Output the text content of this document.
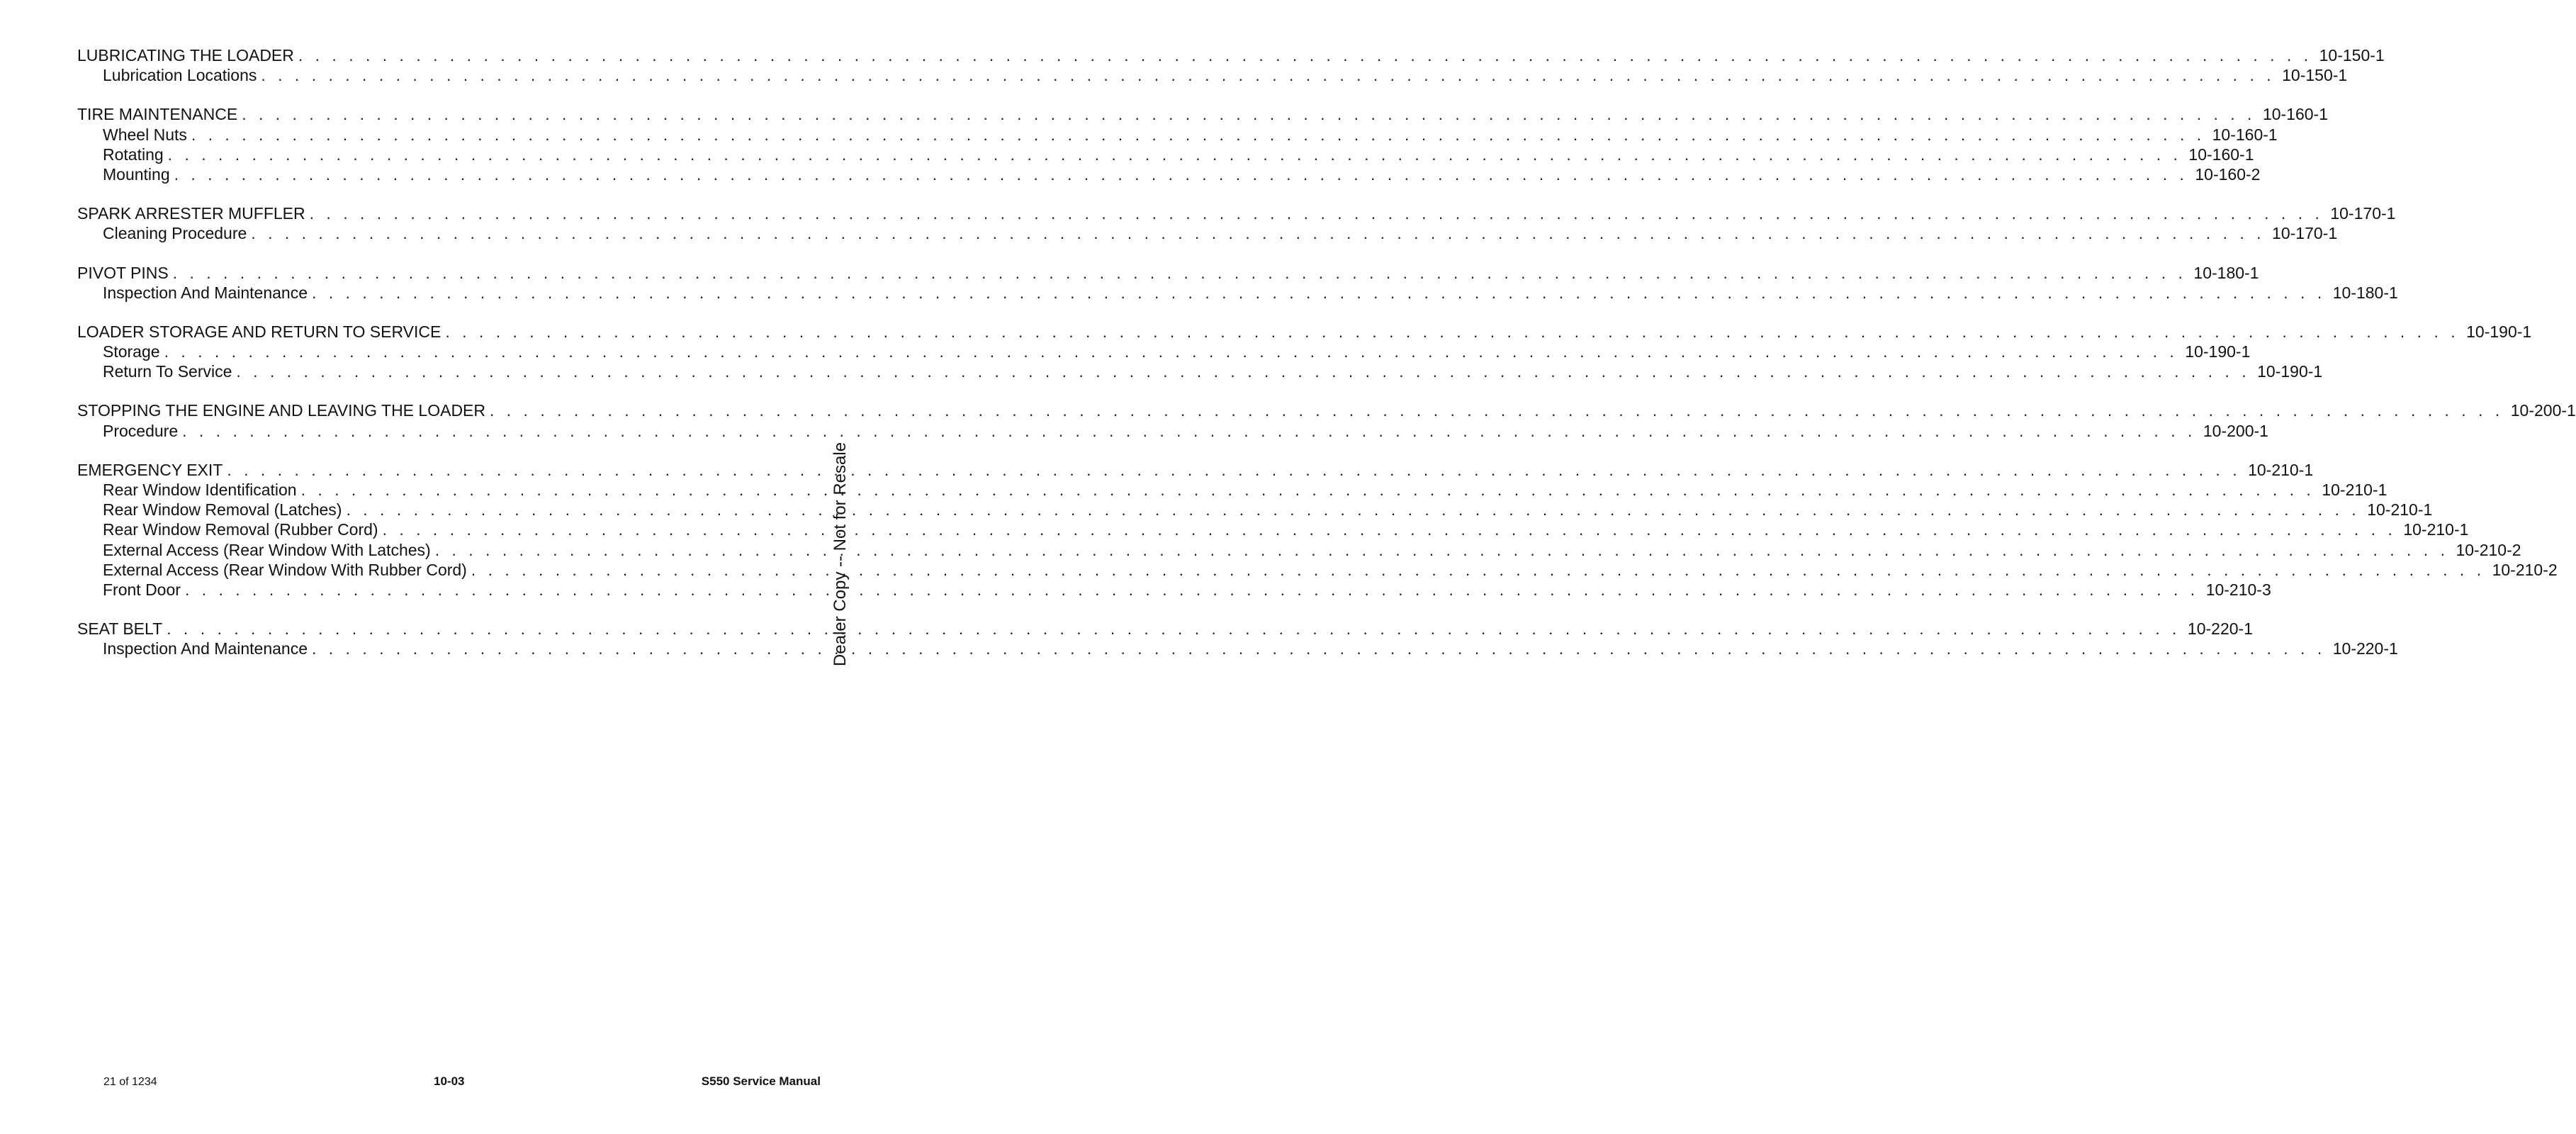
LUBRICATING THE LOADER . . . . . . . . . . . . . . . . . . . . . . . . . . . . . . . . . . . . . . . . . . . . . . . . . . . . . . . . . . . . . . . . . . . . . . . . . . . . . . . . . . . . . . . . . . . . . . . . . . . . . . . . . . . . . . . . . . . . . . . . 10-150-1
Lubrication Locations . . . . . . . . . . . . . . . . . . . . . . . . . . . . . . . . . . . . . . . . . . . . . . . . . . . . . . . . . . . . . . . . . . . . . . . . . . . . . . . . . . . . . . . . . . . . . . . . . . . . . . . . . . . . . . . . . . . . . . . . 10-150-1
TIRE MAINTENANCE . . . . . . . . . . . . . . . . . . . . . . . . . . . . . . . . . . . . . . . . . . . . . . . . . . . . . . . . . . . . . . . . . . . . . . . . . . . . . . . . . . . . . . . . . . . . . . . . . . . . . . . . . . . . . . . . . . . . . . . . 10-160-1
Wheel Nuts . . . . . . . . . . . . . . . . . . . . . . . . . . . . . . . . . . . . . . . . . . . . . . . . . . . . . . . . . . . . . . . . . . . . . . . . . . . . . . . . . . . . . . . . . . . . . . . . . . . . . . . . . . . . . . . . . . . . . . . . 10-160-1
Rotating . . . . . . . . . . . . . . . . . . . . . . . . . . . . . . . . . . . . . . . . . . . . . . . . . . . . . . . . . . . . . . . . . . . . . . . . . . . . . . . . . . . . . . . . . . . . . . . . . . . . . . . . . . . . . . . . . . . . . . . . 10-160-1
Mounting . . . . . . . . . . . . . . . . . . . . . . . . . . . . . . . . . . . . . . . . . . . . . . . . . . . . . . . . . . . . . . . . . . . . . . . . . . . . . . . . . . . . . . . . . . . . . . . . . . . . . . . . . . . . . . . . . . . . . . . . 10-160-2
SPARK ARRESTER MUFFLER . . . . . . . . . . . . . . . . . . . . . . . . . . . . . . . . . . . . . . . . . . . . . . . . . . . . . . . . . . . . . . . . . . . . . . . . . . . . . . . . . . . . . . . . . . . . . . . . . . . . . . . . . . . . . . . . . . . . . . . . 10-170-1
Cleaning Procedure . . . . . . . . . . . . . . . . . . . . . . . . . . . . . . . . . . . . . . . . . . . . . . . . . . . . . . . . . . . . . . . . . . . . . . . . . . . . . . . . . . . . . . . . . . . . . . . . . . . . . . . . . . . . . . . . . . . . . . . . 10-170-1
PIVOT PINS . . . . . . . . . . . . . . . . . . . . . . . . . . . . . . . . . . . . . . . . . . . . . . . . . . . . . . . . . . . . . . . . . . . . . . . . . . . . . . . . . . . . . . . . . . . . . . . . . . . . . . . . . . . . . . . . . . . . . . . . 10-180-1
Inspection And Maintenance . . . . . . . . . . . . . . . . . . . . . . . . . . . . . . . . . . . . . . . . . . . . . . . . . . . . . . . . . . . . . . . . . . . . . . . . . . . . . . . . . . . . . . . . . . . . . . . . . . . . . . . . . . . . . . . . . . . . . . . . 10-180-1
LOADER STORAGE AND RETURN TO SERVICE . . . . . . . . . . . . . . . . . . . . . . . . . . . . . . . . . . . . . . . . . . . . . . . . . . . . . . . . . . . . . . . . . . . . . . . . . . . . . . . . . . . . . . . . . . . . . . . . . . . . . . . . . . . . . . . . . . . . . . . . 10-190-1
Storage . . . . . . . . . . . . . . . . . . . . . . . . . . . . . . . . . . . . . . . . . . . . . . . . . . . . . . . . . . . . . . . . . . . . . . . . . . . . . . . . . . . . . . . . . . . . . . . . . . . . . . . . . . . . . . . . . . . . . . . . 10-190-1
Return To Service . . . . . . . . . . . . . . . . . . . . . . . . . . . . . . . . . . . . . . . . . . . . . . . . . . . . . . . . . . . . . . . . . . . . . . . . . . . . . . . . . . . . . . . . . . . . . . . . . . . . . . . . . . . . . . . . . . . . . . . . 10-190-1
STOPPING THE ENGINE AND LEAVING THE LOADER . . . . . . . . . . . . . . . . . . . . . . . . . . . . . . . . . . . . . . . . . . . . . . . . . . . . . . . . . . . . . . . . . . . . . . . . . . . . . . . . . . . . . . . . . . . . . . . . . . . . . . . . . . . . . . . . . . . . . . . . 10-200-1
Procedure . . . . . . . . . . . . . . . . . . . . . . . . . . . . . . . . . . . . . . . . . . . . . . . . . . . . . . . . . . . . . . . . . . . . . . . . . . . . . . . . . . . . . . . . . . . . . . . . . . . . . . . . . . . . . . . . . . . . . . . . 10-200-1
EMERGENCY EXIT . . . . . . . . . . . . . . . . . . . . . . . . . . . . . . . . . . . . . . . . . . . . . . . . . . . . . . . . . . . . . . . . . . . . . . . . . . . . . . . . . . . . . . . . . . . . . . . . . . . . . . . . . . . . . . . . . . . . . . . . 10-210-1
Rear Window Identification . . . . . . . . . . . . . . . . . . . . . . . . . . . . . . . . . . . . . . . . . . . . . . . . . . . . . . . . . . . . . . . . . . . . . . . . . . . . . . . . . . . . . . . . . . . . . . . . . . . . . . . . . . . . . . . . . . . . . . . . 10-210-1
Rear Window Removal (Latches) . . . . . . . . . . . . . . . . . . . . . . . . . . . . . . . . . . . . . . . . . . . . . . . . . . . . . . . . . . . . . . . . . . . . . . . . . . . . . . . . . . . . . . . . . . . . . . . . . . . . . . . . . . . . . . . . . . . . . . . . 10-210-1
Rear Window Removal (Rubber Cord) . . . . . . . . . . . . . . . . . . . . . . . . . . . . . . . . . . . . . . . . . . . . . . . . . . . . . . . . . . . . . . . . . . . . . . . . . . . . . . . . . . . . . . . . . . . . . . . . . . . . . . . . . . . . . . . . . . . . . . . . 10-210-1
External Access (Rear Window With Latches) . . . . . . . . . . . . . . . . . . . . . . . . . . . . . . . . . . . . . . . . . . . . . . . . . . . . . . . . . . . . . . . . . . . . . . . . . . . . . . . . . . . . . . . . . . . . . . . . . . . . . . . . . . . . . . . . . . . . . . . . 10-210-2
External Access (Rear Window With Rubber Cord) . . . . . . . . . . . . . . . . . . . . . . . . . . . . . . . . . . . . . . . . . . . . . . . . . . . . . . . . . . . . . . . . . . . . . . . . . . . . . . . . . . . . . . . . . . . . . . . . . . . . . . . . . . . . . . . . . . . . . . . . 10-210-2
Front Door . . . . . . . . . . . . . . . . . . . . . . . . . . . . . . . . . . . . . . . . . . . . . . . . . . . . . . . . . . . . . . . . . . . . . . . . . . . . . . . . . . . . . . . . . . . . . . . . . . . . . . . . . . . . . . . . . . . . . . . . 10-210-3
SEAT BELT . . . . . . . . . . . . . . . . . . . . . . . . . . . . . . . . . . . . . . . . . . . . . . . . . . . . . . . . . . . . . . . . . . . . . . . . . . . . . . . . . . . . . . . . . . . . . . . . . . . . . . . . . . . . . . . . . . . . . . . . 10-220-1
Inspection And Maintenance . . . . . . . . . . . . . . . . . . . . . . . . . . . . . . . . . . . . . . . . . . . . . . . . . . . . . . . . . . . . . . . . . . . . . . . . . . . . . . . . . . . . . . . . . . . . . . . . . . . . . . . . . . . . . . . . . . . . . . . . 10-220-1
Dealer Copy -- Not for Resale
21 of 1234	10-03	S550 Service Manual
